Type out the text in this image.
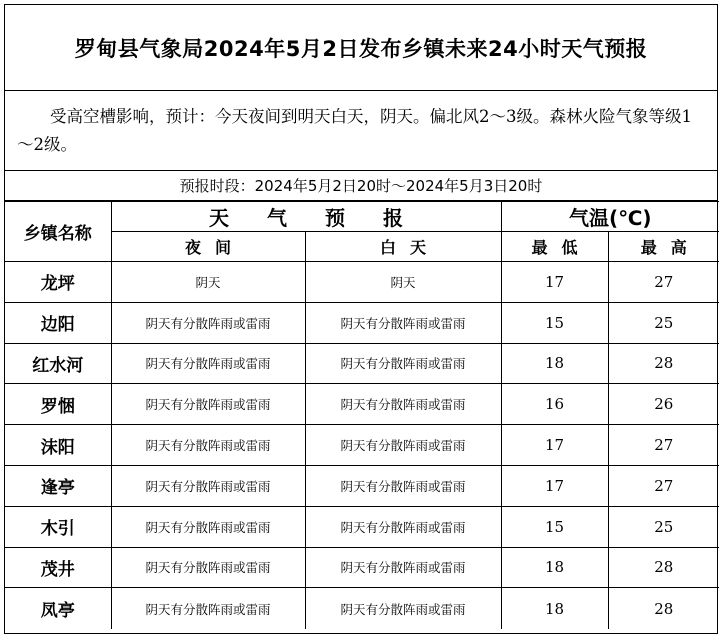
罗甸县气象局2024年5月2日发布乡镇未来24小时天气预报
受高空槽影响，预计：今天夜间到明天白天，阴天。偏北风2～3级。森林火险气象等级1～2级。
预报时段：2024年5月2日20时～2024年5月3日20时
乡镇名称	天气预报		气温(℃)	
	夜间	白天	最低	最高
龙坪	阴天	阴天	17	27
边阳	阴天有分散阵雨或雷雨	阴天有分散阵雨或雷雨	15	25
红水河	阴天有分散阵雨或雷雨	阴天有分散阵雨或雷雨	18	28
罗悃	阴天有分散阵雨或雷雨	阴天有分散阵雨或雷雨	16	26
沫阳	阴天有分散阵雨或雷雨	阴天有分散阵雨或雷雨	17	27
逢亭	阴天有分散阵雨或雷雨	阴天有分散阵雨或雷雨	17	27
木引	阴天有分散阵雨或雷雨	阴天有分散阵雨或雷雨	15	25
茂井	阴天有分散阵雨或雷雨	阴天有分散阵雨或雷雨	18	28
凤亭	阴天有分散阵雨或雷雨	阴天有分散阵雨或雷雨	18	28
